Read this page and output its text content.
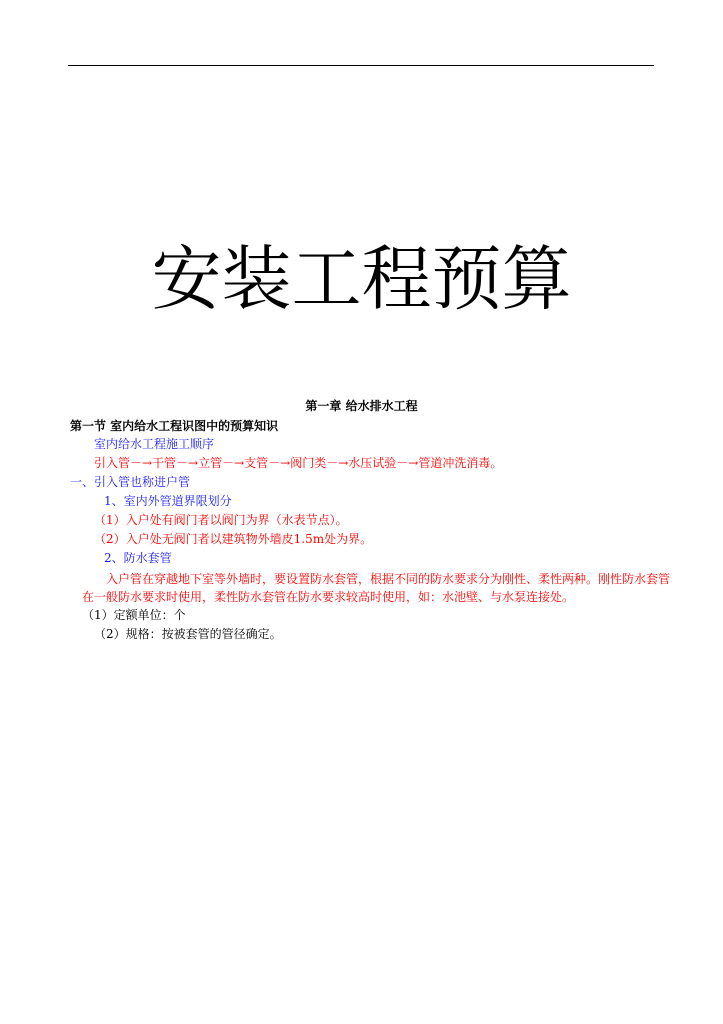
安装工程预算
第一章 给水排水工程
第一节 室内给水工程识图中的预算知识
室内给水工程施工顺序
引入管－→干管－→立管－→支管－→阀门类－→水压试验－→管道冲洗消毒。
一、引入管也称进户管
1、室内外管道界限划分
（1）入户处有阀门者以阀门为界（水表节点）。
（2）入户处无阀门者以建筑物外墙皮1.5m处为界。
2、防水套管
入户管在穿越地下室等外墙时，要设置防水套管，根据不同的防水要求分为刚性、柔性两种。刚性防水套管在一般防水要求时使用，柔性防水套管在防水要求较高时使用，如：水池壁、与水泵连接处。
（1）定额单位：个
（2）规格：按被套管的管径确定。
